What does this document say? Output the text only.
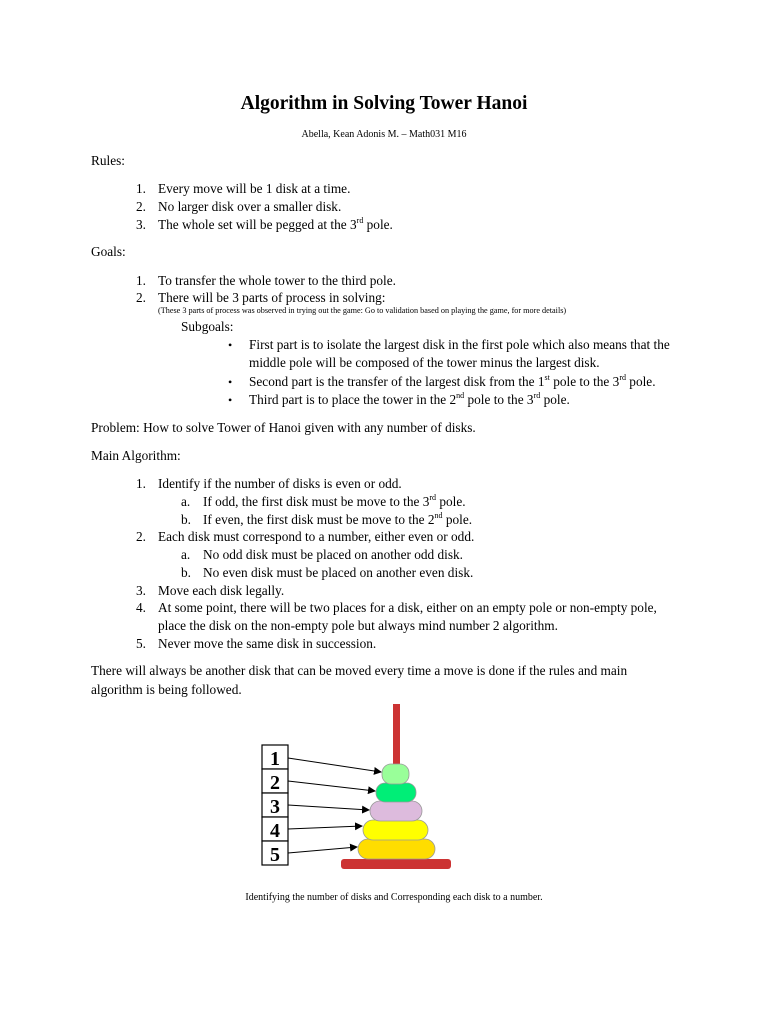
Algorithm in Solving Tower Hanoi
Abella, Kean Adonis M. – Math031 M16
Rules:
1. Every move will be 1 disk at a time.
2. No larger disk over a smaller disk.
3. The whole set will be pegged at the 3rd pole.
Goals:
1. To transfer the whole tower to the third pole.
2. There will be 3 parts of process in solving:
(These 3 parts of process was observed in trying out the game: Go to validation based on playing the game, for more details)
Subgoals:
• First part is to isolate the largest disk in the first pole which also means that the
middle pole will be composed of the tower minus the largest disk.
• Second part is the transfer of the largest disk from the 1st pole to the 3rd pole.
• Third part is to place the tower in the 2nd pole to the 3rd pole.
Problem: How to solve Tower of Hanoi given with any number of disks.
Main Algorithm:
1. Identify if the number of disks is even or odd.
a. If odd, the first disk must be move to the 3rd pole.
b. If even, the first disk must be move to the 2nd pole.
2. Each disk must correspond to a number, either even or odd.
a. No odd disk must be placed on another odd disk.
b. No even disk must be placed on another even disk.
3. Move each disk legally.
4. At some point, there will be two places for a disk, either on an empty pole or non-empty pole,
place the disk on the non-empty pole but always mind number 2 algorithm.
5. Never move the same disk in succession.
There will always be another disk that can be moved every time a move is done if the rules and main
algorithm is being followed.
1
2
3
4
5
Identifying the number of disks and Corresponding each disk to a number.
